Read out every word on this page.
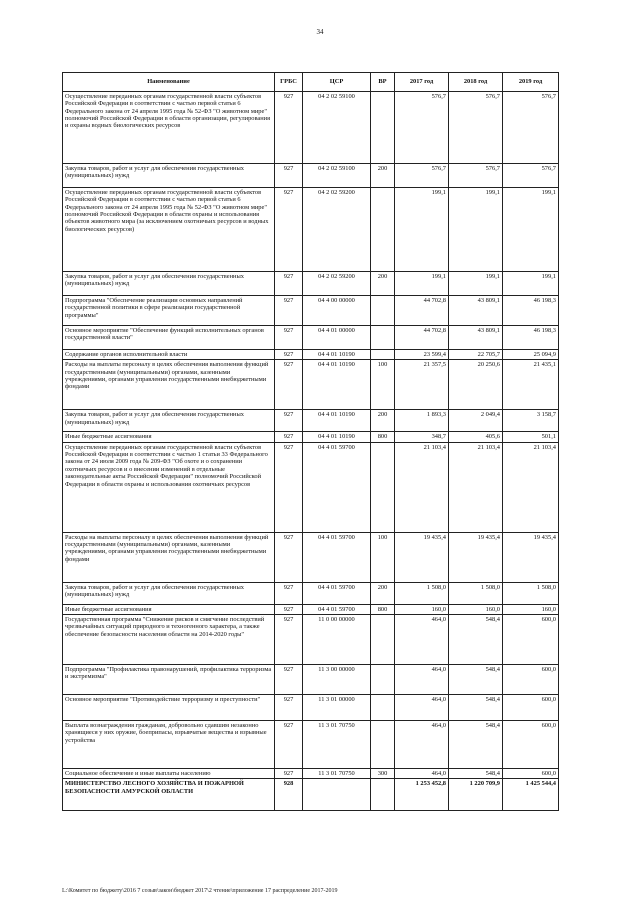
34
Наименование	ГРБС	ЦСР	ВР	2017 год	2018 год	2019 год
Осуществление переданных органам государственной власти субъектов Российской Федерации в соответствии с частью первой статьи 6 Федерального закона от 24 апреля 1995 года № 52-ФЗ "О животном мире" полномочий Российской Федерации в области организации, регулирования и охраны водных биологических ресурсов	927	04 2 02 59100		576,7	576,7	576,7
Закупка товаров, работ и услуг для обеспечения государственных (муниципальных) нужд	927	04 2 02 59100	200	576,7	576,7	576,7
Осуществление переданных органам государственной власти субъектов Российской Федерации в соответствии с частью первой статьи 6 Федерального закона от 24 апреля 1995 года № 52-ФЗ "О животном мире" полномочий Российской Федерации в области охраны и использования объектов животного мира (за исключением охотничьих ресурсов и водных биологических ресурсов)	927	04 2 02 59200		199,1	199,1	199,1
Закупка товаров, работ и услуг для обеспечения государственных (муниципальных) нужд	927	04 2 02 59200	200	199,1	199,1	199,1
Подпрограмма "Обеспечение реализации основных направлений государственной политики в сфере реализации государственной программы"	927	04 4 00 00000		44 702,8	43 809,1	46 198,3
Основное мероприятие "Обеспечение функций исполнительных органов государственной власти"	927	04 4 01 00000		44 702,8	43 809,1	46 198,3
Содержание органов исполнительной власти	927	04 4 01 10190		23 599,4	22 705,7	25 094,9
Расходы на выплаты персоналу в целях обеспечения выполнения функций государственными (муниципальными) органами, казенными учреждениями, органами управления государственными внебюджетными фондами	927	04 4 01 10190	100	21 357,5	20 250,6	21 435,1
Закупка товаров, работ и услуг для обеспечения государственных (муниципальных) нужд	927	04 4 01 10190	200	1 893,3	2 049,4	3 158,7
Иные бюджетные ассигнования	927	04 4 01 10190	800	348,7	405,6	501,1
Осуществление переданных органам государственной власти субъектов Российской Федерации в соответствии с частью 1 статьи 33 Федерального закона от 24 июля 2009 года № 209-ФЗ "Об охоте и о сохранении охотничьих ресурсов и о внесении изменений в отдельные законодательные акты Российской Федерации" полномочий Российской Федерации в области охраны и использования охотничьих ресурсов	927	04 4 01 59700		21 103,4	21 103,4	21 103,4
Расходы на выплаты персоналу в целях обеспечения выполнения функций государственными (муниципальными) органами, казенными учреждениями, органами управления государственными внебюджетными фондами	927	04 4 01 59700	100	19 435,4	19 435,4	19 435,4
Закупка товаров, работ и услуг для обеспечения государственных (муниципальных) нужд	927	04 4 01 59700	200	1 508,0	1 508,0	1 508,0
Иные бюджетные ассигнования	927	04 4 01 59700	800	160,0	160,0	160,0
Государственная программа "Снижение рисков и смягчение последствий чрезвычайных ситуаций природного и техногенного характера, а также обеспечение безопасности населения области на 2014-2020 годы"	927	11 0 00 00000		464,0	548,4	600,0
Подпрограмма "Профилактика правонарушений, профилактика терроризма и экстремизма"	927	11 3 00 00000		464,0	548,4	600,0
Основное мероприятие "Противодействие терроризму и преступности"	927	11 3 01 00000		464,0	548,4	600,0
Выплата вознаграждения гражданам, добровольно сдавшим незаконно хранящиеся у них оружие, боеприпасы, взрывчатые вещества и взрывные устройства	927	11 3 01 70750		464,0	548,4	600,0
Социальное обеспечение и иные выплаты населению	927	11 3 01 70750	300	464,0	548,4	600,0
МИНИСТЕРСТВО ЛЕСНОГО ХОЗЯЙСТВА И ПОЖАРНОЙ БЕЗОПАСНОСТИ АМУРСКОЙ ОБЛАСТИ	928			1 253 452,8	1 220 709,9	1 425 544,4
L:\Комитет по бюджету\2016 7 созыв\закон\бюджет 2017\2 чтение\приложение 17 распределение 2017-2019
